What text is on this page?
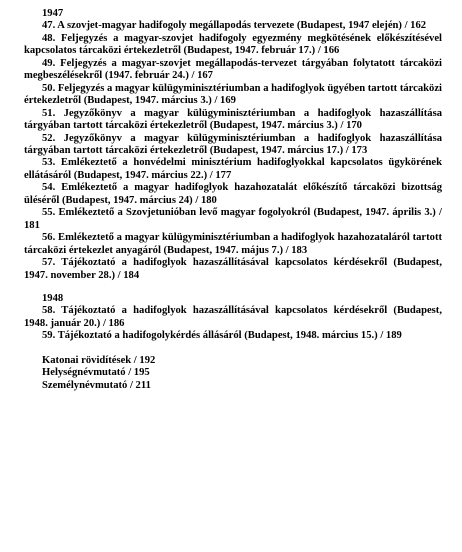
1947

47. A szovjet-magyar hadifogoly megállapodás tervezete (Budapest, 1947 elején) / 162

48. Feljegyzés a magyar-szovjet hadifogoly egyezmény megkötésének előkészítésével kapcsolatos tárcaközi értekezletről (Budapest, 1947. február 17.) / 166

49. Feljegyzés a magyar-szovjet megállapodás-tervezet tárgyában folytatott tárcaközi megbeszélésekről (1947. február 24.) / 167

50. Feljegyzés a magyar külügyminisztériumban a hadifoglyok ügyében tartott tárcaközi értekezletről (Budapest, 1947. március 3.) / 169

51. Jegyzőkönyv a magyar külügyminisztériumban a hadifoglyok hazaszállítása tárgyában tartott tárcaközi értekezletről (Budapest, 1947. március 3.) / 170

52. Jegyzőkönyv a magyar külügyminisztériumban a hadifoglyok hazaszállítása tárgyában tartott tárcaközi értekezletről (Budapest, 1947. március 17.) / 173

53. Emlékeztető a honvédelmi minisztérium hadifoglyokkal kapcsolatos ügykörének ellátásáról (Budapest, 1947. március 22.) / 177

54. Emlékeztető a magyar hadifoglyok hazahozatalát előkészítő tárcaközi bizottság üléséről (Budapest, 1947. március 24) / 180

55. Emlékeztető a Szovjetunióban levő magyar fogolyokról (Budapest, 1947. április 3.) / 181

56. Emlékeztető a magyar külügyminisztériumban a hadifoglyok hazahozataláról tartott tárcaközi értekezlet anyagáról (Budapest, 1947. május 7.) / 183

57. Tájékoztató a hadifoglyok hazaszállításával kapcsolatos kérdésekről (Budapest, 1947. november 28.) / 184

1948

58. Tájékoztató a hadifoglyok hazaszállításával kapcsolatos kérdésekről (Budapest, 1948. január 20.) / 186

59. Tájékoztató a hadifogolykérdés állásáról (Budapest, 1948. március 15.) / 189

Katonai rövidítések / 192

Helységnévmutató / 195

Személynévmutató / 211
